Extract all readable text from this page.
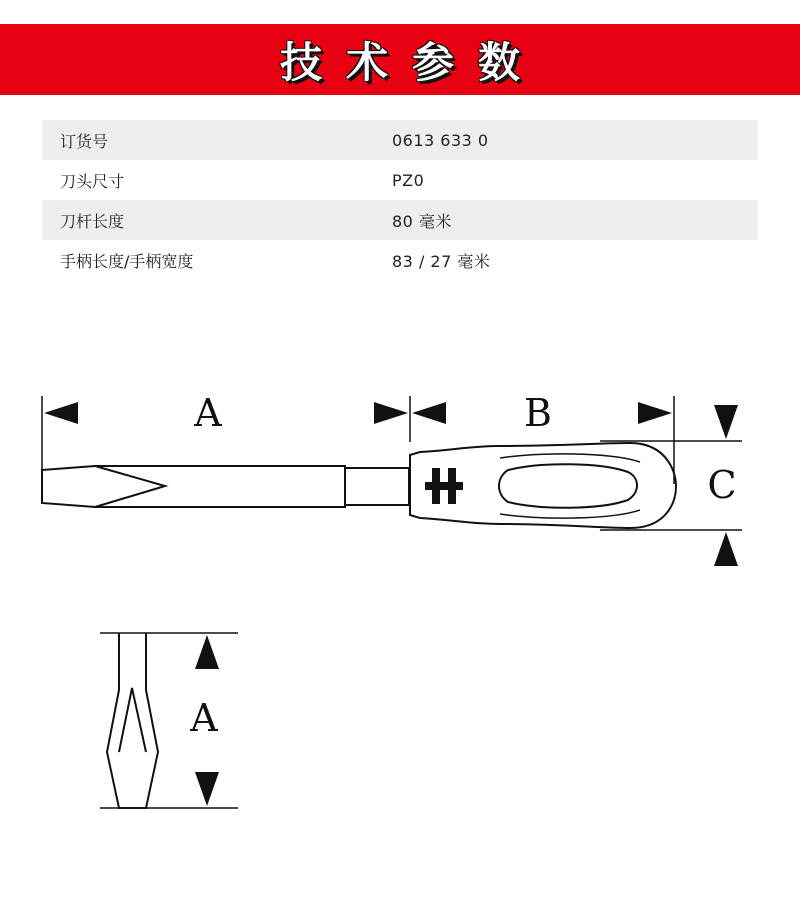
技术参数
订货号	0613 633 0
刀头尺寸	PZ0
刀杆长度	80 毫米
手柄长度/手柄宽度	83 / 27 毫米
A	B
C
A
